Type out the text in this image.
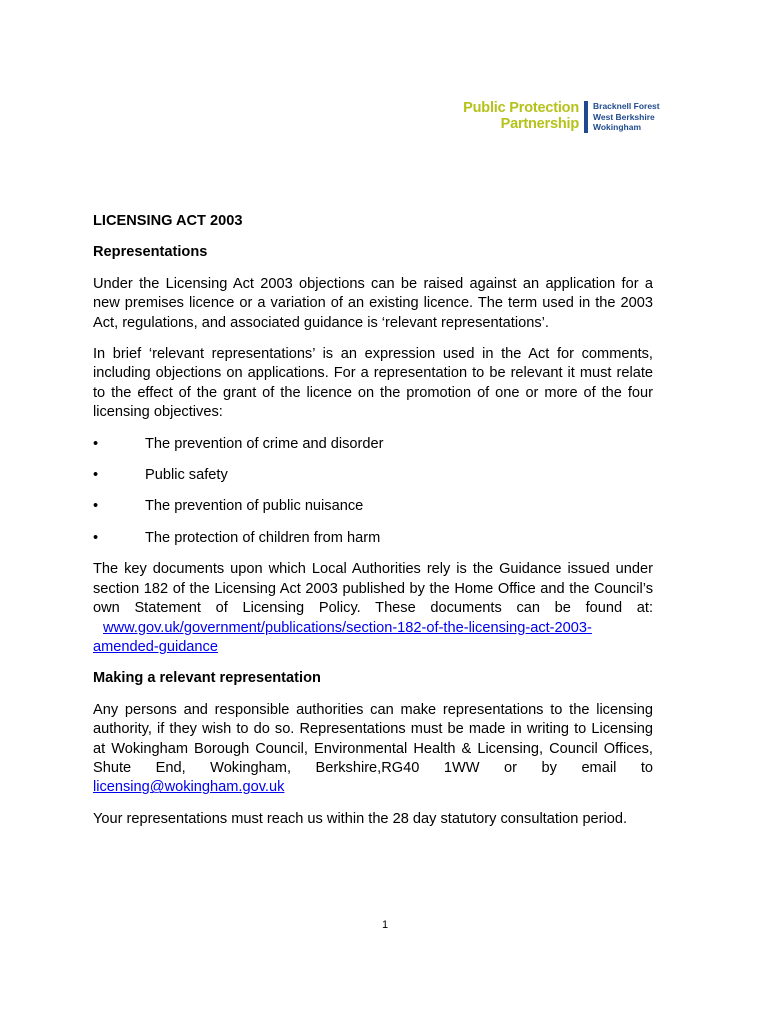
Public Protection
Partnership
Bracknell Forest
West Berkshire
Wokingham

LICENSING ACT 2003

Representations

Under the Licensing Act 2003 objections can be raised against an application for a new premises licence or a variation of an existing licence. The term used in the 2003 Act, regulations, and associated guidance is ‘relevant representations’.

In brief ‘relevant representations’ is an expression used in the Act for comments, including objections on applications. For a representation to be relevant it must relate to the effect of the grant of the licence on the promotion of one or more of the four licensing objectives:

•	The prevention of crime and disorder
•	Public safety
•	The prevention of public nuisance
•	The protection of children from harm

The key documents upon which Local Authorities rely is the Guidance issued under section 182 of the Licensing Act 2003 published by the Home Office and the Council’s own Statement of Licensing Policy. These documents can be found at: www.gov.uk/government/publications/section-182-of-the-licensing-act-2003-amended-guidance

Making a relevant representation

Any persons and responsible authorities can make representations to the licensing authority, if they wish to do so. Representations must be made in writing to Licensing at Wokingham Borough Council, Environmental Health & Licensing, Council Offices, Shute End, Wokingham, Berkshire,RG40 1WW or by email to licensing@wokingham.gov.uk

Your representations must reach us within the 28 day statutory consultation period.

1
